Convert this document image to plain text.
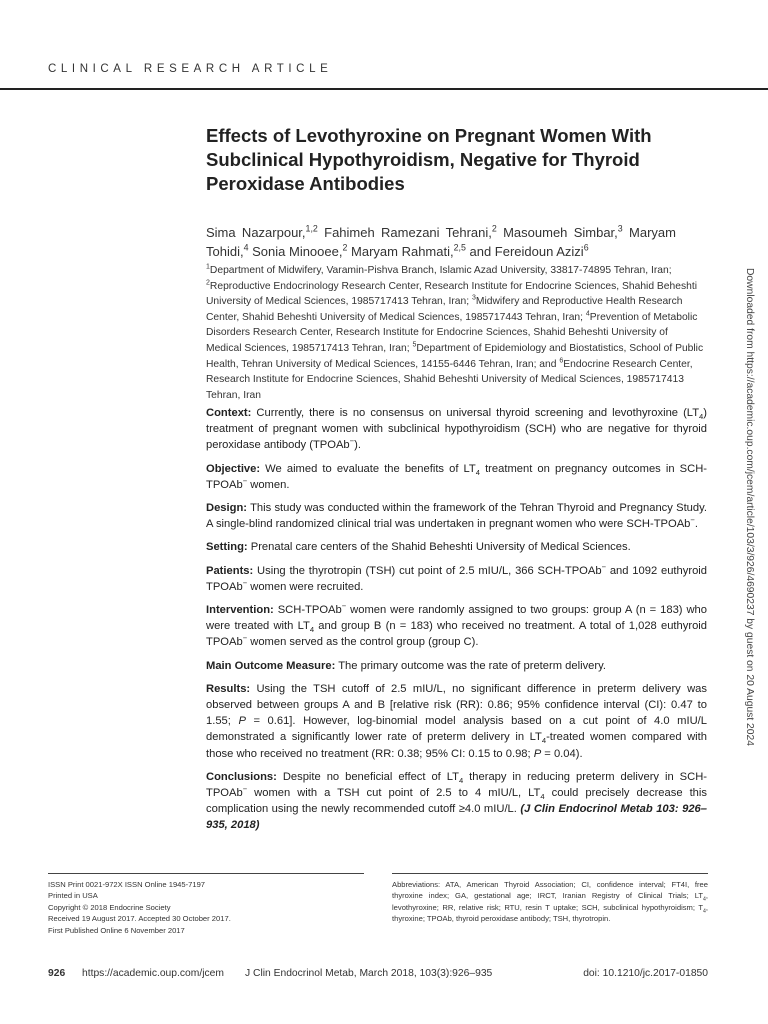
CLINICAL RESEARCH ARTICLE
Effects of Levothyroxine on Pregnant Women With Subclinical Hypothyroidism, Negative for Thyroid Peroxidase Antibodies

Sima Nazarpour,$^{1,2}$ Fahimeh Ramezani Tehrani,$^2$ Masoumeh Simbar,$^3$ Maryam Tohidi,$^4$ Sonia Minooee,$^2$ Maryam Rahmati,$^{2,5}$ and Fereidoun Azizi$^6$

$^1$Department of Midwifery, Varamin-Pishva Branch, Islamic Azad University, 33817-74895 Tehran, Iran; $^2$Reproductive Endocrinology Research Center, Research Institute for Endocrine Sciences, Shahid Beheshti University of Medical Sciences, 1985717413 Tehran, Iran; $^3$Midwifery and Reproductive Health Research Center, Shahid Beheshti University of Medical Sciences, 1985717443 Tehran, Iran; $^4$Prevention of Metabolic Disorders Research Center, Research Institute for Endocrine Sciences, Shahid Beheshti University of Medical Sciences, 1985717413 Tehran, Iran; $^5$Department of Epidemiology and Biostatistics, School of Public Health, Tehran University of Medical Sciences, 14155-6446 Tehran, Iran; and $^6$Endocrine Research Center, Research Institute for Endocrine Sciences, Shahid Beheshti University of Medical Sciences, 1985717413 Tehran, Iran

Context: Currently, there is no consensus on universal thyroid screening and levothyroxine $(LT_4)$ treatment of pregnant women with subclinical hypothyroidism (SCH) who are negative for thyroid peroxidase antibody (TPOAb−).

Objective: We aimed to evaluate the benefits of $LT_4$ treatment on pregnancy outcomes in SCH-TPOAb− women.

Design: This study was conducted within the framework of the Tehran Thyroid and Pregnancy Study. A single-blind randomized clinical trial was undertaken in pregnant women who were SCH-TPOAb−.

Setting: Prenatal care centers of the Shahid Beheshti University of Medical Sciences.

Patients: Using the thyrotropin (TSH) cut point of 2.5 mIU/L, 366 SCH-TPOAb− and 1092 euthyroid TPOAb− women were recruited.

Intervention: SCH-TPOAb− women were randomly assigned to two groups: group A (n = 183) who were treated with $LT_4$ and group B (n = 183) who received no treatment. A total of 1,028 euthyroid TPOAb− women served as the control group (group C).

Main Outcome Measure: The primary outcome was the rate of preterm delivery.

Results: Using the TSH cutoff of 2.5 mIU/L, no significant difference in preterm delivery was observed between groups A and B [relative risk (RR): 0.86; 95% confidence interval (CI): 0.47 to 1.55; P = 0.61]. However, log-binomial model analysis based on a cut point of 4.0 mIU/L demonstrated a significantly lower rate of preterm delivery in $LT_4$-treated women compared with those who received no treatment (RR: 0.38; 95% CI: 0.15 to 0.98; P = 0.04).

Conclusions: Despite no beneficial effect of $LT_4$ therapy in reducing preterm delivery in SCH-TPOAb− women with a TSH cut point of 2.5 to 4 mIU/L, $LT_4$ could precisely decrease this complication using the newly recommended cutoff ≥4.0 mIU/L. (J Clin Endocrinol Metab 103: 926–935, 2018)

Downloaded from https://academic.oup.com/jcem/article/103/3/926/4690237 by guest on 20 August 2024
ISSN Print 0021-972X ISSN Online 1945-7197
Printed in USA
Copyright © 2018 Endocrine Society
Received 19 August 2017. Accepted 30 October 2017.
First Published Online 6 November 2017
Abbreviations: ATA, American Thyroid Association; CI, confidence interval; FT4I, free thyroxine index; GA, gestational age; IRCT, Iranian Registry of Clinical Trials; $LT_4$, levothyroxine; RR, relative risk; RTU, resin T uptake; SCH, subclinical hypothyroidism; $T_4$, thyroxine; TPOAb, thyroid peroxidase antibody; TSH, thyrotropin.
926 https://academic.oup.com/jcem J Clin Endocrinol Metab, March 2018, 103(3):926–935	doi: 10.1210/jc.2017-01850
